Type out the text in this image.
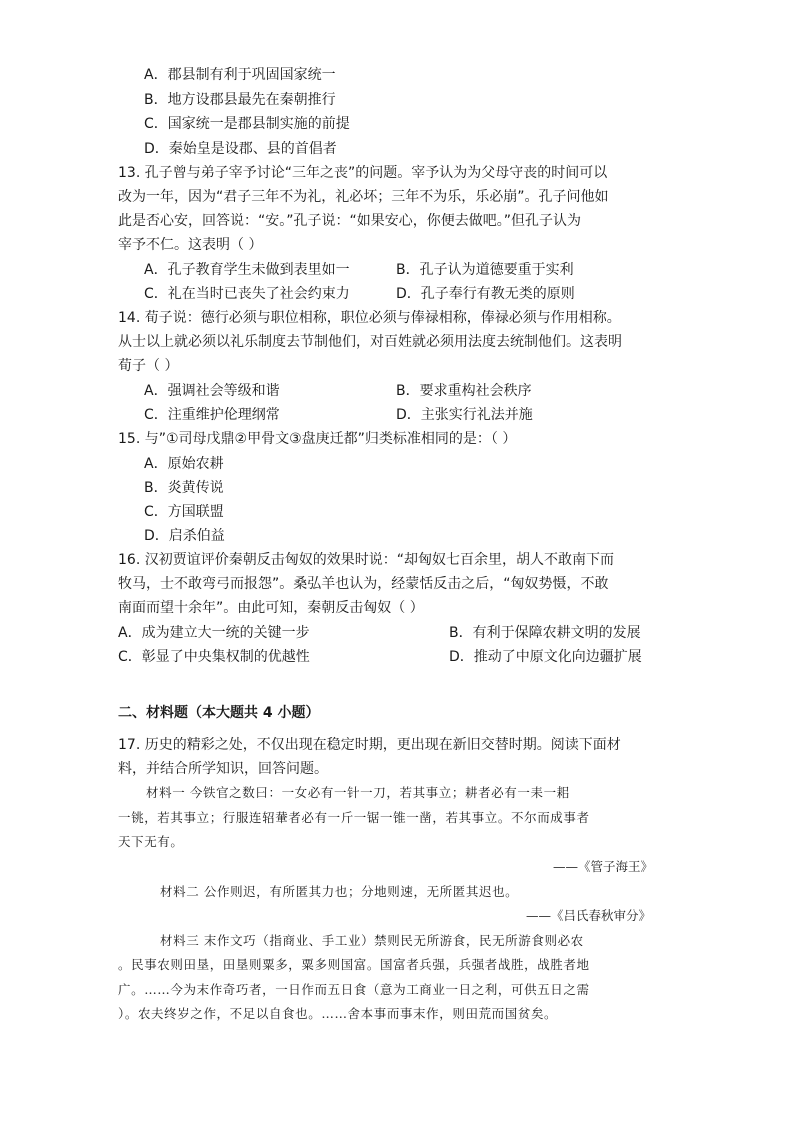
A．郡县制有利于巩固国家统一
B．地方设郡县最先在秦朝推行
C．国家统一是郡县制实施的前提
D．秦始皇是设郡、县的首倡者
13. 孔子曾与弟子宰予讨论“三年之丧”的问题。宰予认为为父母守丧的时间可以
改为一年，因为“君子三年不为礼，礼必坏；三年不为乐，乐必崩”。孔子问他如
此是否心安，回答说：“安。”孔子说：“如果安心，你便去做吧。”但孔子认为
宰予不仁。这表明（ ）
A．孔子教育学生未做到表里如一	B．孔子认为道德要重于实利
C．礼在当时已丧失了社会约束力	D．孔子奉行有教无类的原则
14. 荀子说：德行必须与职位相称，职位必须与俸禄相称，俸禄必须与作用相称。
从士以上就必须以礼乐制度去节制他们，对百姓就必须用法度去统制他们。这表明
荀子（ ）
A．强调社会等级和谐	B．要求重构社会秩序
C．注重维护伦理纲常	D．主张实行礼法并施
15. 与”①司母戊鼎②甲骨文③盘庚迁都”归类标准相同的是：（ ）
A．原始农耕
B．炎黄传说
C．方国联盟
D．启杀伯益
16. 汉初贾谊评价秦朝反击匈奴的效果时说：“却匈奴七百余里，胡人不敢南下而
牧马，士不敢弯弓而报怨”。桑弘羊也认为，经蒙恬反击之后，“匈奴势慑，不敢
南面而望十余年”。由此可知，秦朝反击匈奴（ ）
A．成为建立大一统的关键一步	B．有利于保障农耕文明的发展
C．彰显了中央集权制的优越性	D．推动了中原文化向边疆扩展
二、材料题（本大题共 4 小题）
17. 历史的精彩之处，不仅出现在稳定时期，更出现在新旧交替时期。阅读下面材
料，并结合所学知识，回答问题。
材料一 今铁官之数曰：一女必有一针一刀，若其事立；耕者必有一耒一耜
一铫，若其事立；行服连轺輂者必有一斤一锯一锥一凿，若其事立。不尔而成事者
天下无有。
——《管子海王》
材料二 公作则迟，有所匿其力也；分地则速，无所匿其迟也。
——《吕氏春秋审分》
材料三 末作文巧（指商业、手工业）禁则民无所游食，民无所游食则必农
。民事农则田垦，田垦则粟多，粟多则国富。国富者兵强，兵强者战胜，战胜者地
广。……今为末作奇巧者，一日作而五日食（意为工商业一日之利，可供五日之需
）。农夫终岁之作，不足以自食也。……舍本事而事末作，则田荒而国贫矣。
